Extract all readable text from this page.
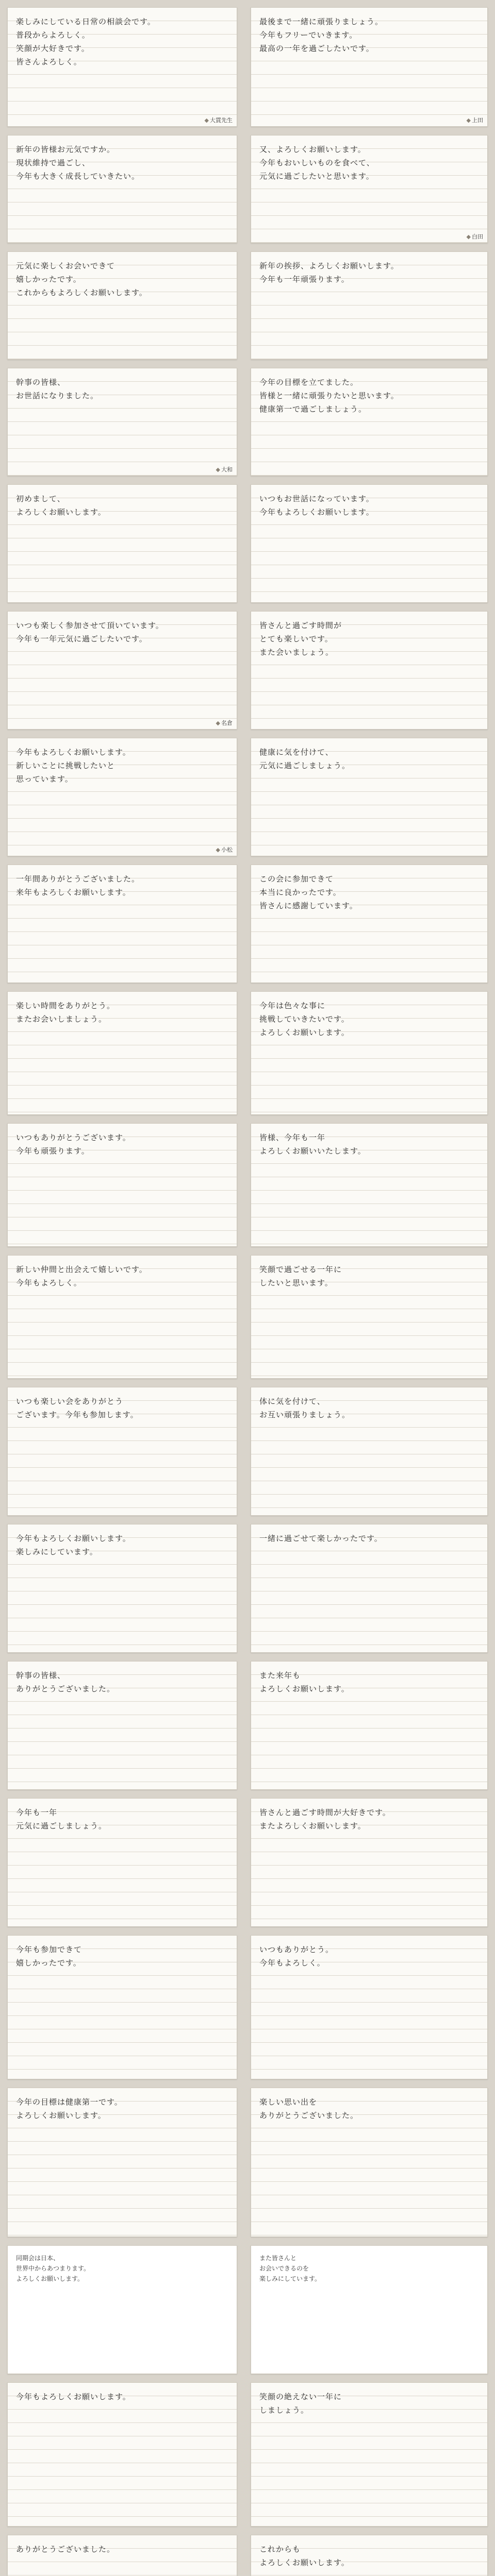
楽しみにしている日常の相談会です。
普段からよろしく。
笑顔が大好きです。
皆さんよろしく。
◆ 大貫先生
最後まで一緒に頑張りましょう。
今年もフリーでいきます。
最高の一年を過ごしたいです。
◆ 上田
新年の皆様お元気ですか。
現状維持で過ごし、
今年も大きく成長していきたい。
又、よろしくお願いします。
今年もおいしいものを食べて、
元気に過ごしたいと思います。
◆ 白田
元気に楽しくお会いできて
嬉しかったです。
これからもよろしくお願いします。
新年の挨拶、よろしくお願いします。
今年も一年頑張ります。
幹事の皆様、
お世話になりました。
◆ 大和
今年の目標を立てました。
皆様と一緒に頑張りたいと思います。
健康第一で過ごしましょう。
初めまして、
よろしくお願いします。
いつもお世話になっています。
今年もよろしくお願いします。
いつも楽しく参加させて頂いています。
今年も一年元気に過ごしたいです。
◆ 名倉
皆さんと過ごす時間が
とても楽しいです。
また会いましょう。
今年もよろしくお願いします。
新しいことに挑戦したいと
思っています。
◆ 小松
健康に気を付けて、
元気に過ごしましょう。
一年間ありがとうございました。
来年もよろしくお願いします。
この会に参加できて
本当に良かったです。
皆さんに感謝しています。
楽しい時間をありがとう。
またお会いしましょう。
今年は色々な事に
挑戦していきたいです。
よろしくお願いします。
いつもありがとうございます。
今年も頑張ります。
皆様、今年も一年
よろしくお願いいたします。
新しい仲間と出会えて嬉しいです。
今年もよろしく。
笑顔で過ごせる一年に
したいと思います。
いつも楽しい会をありがとう
ございます。今年も参加します。
体に気を付けて、
お互い頑張りましょう。
今年もよろしくお願いします。
楽しみにしています。
一緒に過ごせて楽しかったです。
幹事の皆様、
ありがとうございました。
また来年も
よろしくお願いします。
今年も一年
元気に過ごしましょう。
皆さんと過ごす時間が大好きです。
またよろしくお願いします。
今年も参加できて
嬉しかったです。
いつもありがとう。
今年もよろしく。
今年の目標は健康第一です。
よろしくお願いします。
楽しい思い出を
ありがとうございました。
同期会は日本、
世界中からあつまります。
よろしくお願いします。
また皆さんと
お会いできるのを
楽しみにしています。
今年もよろしくお願いします。	笑顔の絶えない一年に
しましょう。
ありがとうございました。	これからも
よろしくお願いします。
